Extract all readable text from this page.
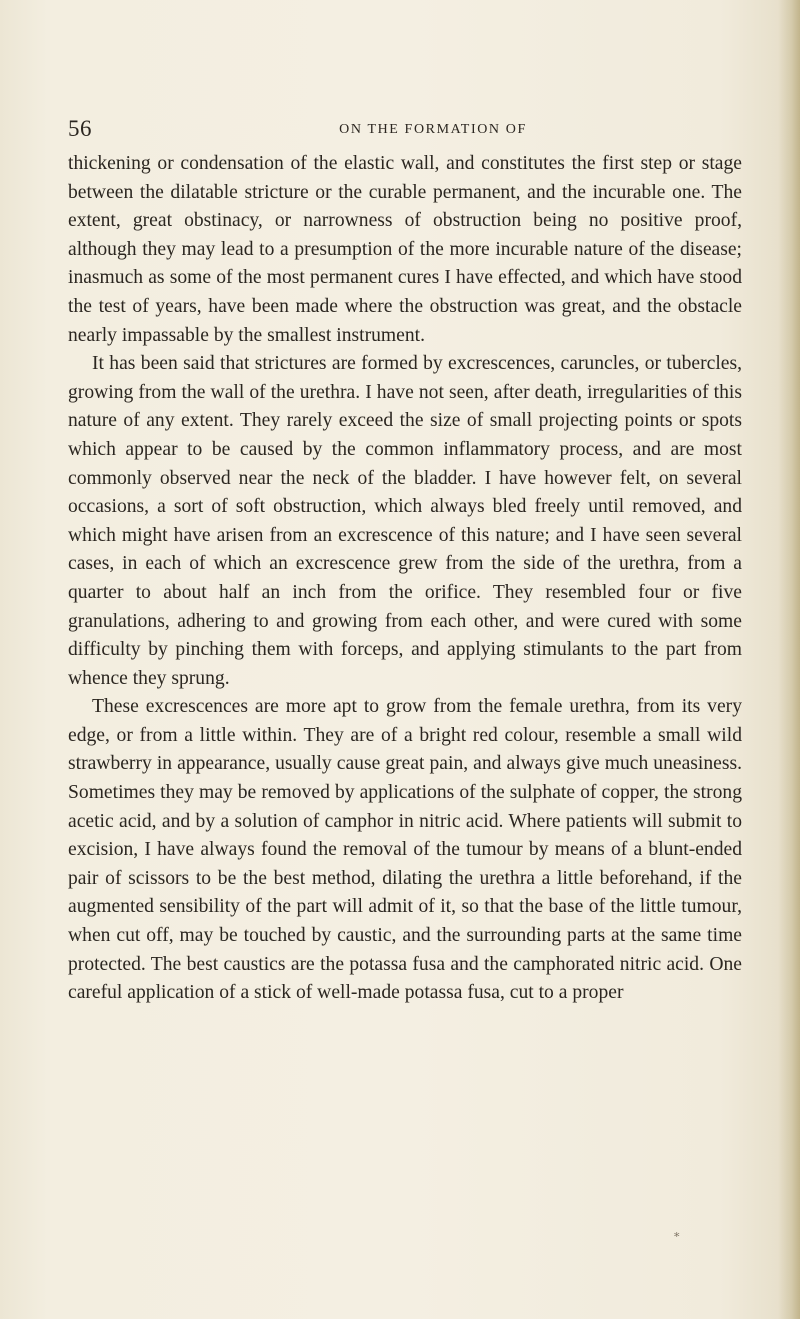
56	ON THE FORMATION OF

thickening or condensation of the elastic wall, and constitutes the first step or stage between the dilatable stricture or the curable permanent, and the incurable one. The extent, great obstinacy, or narrowness of obstruction being no positive proof, although they may lead to a presumption of the more incurable nature of the disease; inasmuch as some of the most permanent cures I have effected, and which have stood the test of years, have been made where the obstruction was great, and the obstacle nearly impassable by the smallest instrument.

It has been said that strictures are formed by excrescences, caruncles, or tubercles, growing from the wall of the urethra. I have not seen, after death, irregularities of this nature of any extent. They rarely exceed the size of small projecting points or spots which appear to be caused by the common inflammatory process, and are most commonly observed near the neck of the bladder. I have however felt, on several occasions, a sort of soft obstruction, which always bled freely until removed, and which might have arisen from an excrescence of this nature; and I have seen several cases, in each of which an excrescence grew from the side of the urethra, from a quarter to about half an inch from the orifice. They resembled four or five granulations, adhering to and growing from each other, and were cured with some difficulty by pinching them with forceps, and applying stimulants to the part from whence they sprung.

These excrescences are more apt to grow from the female urethra, from its very edge, or from a little within. They are of a bright red colour, resemble a small wild strawberry in appearance, usually cause great pain, and always give much uneasiness. Sometimes they may be removed by applications of the sulphate of copper, the strong acetic acid, and by a solution of camphor in nitric acid. Where patients will submit to excision, I have always found the removal of the tumour by means of a blunt-ended pair of scissors to be the best method, dilating the urethra a little beforehand, if the augmented sensibility of the part will admit of it, so that the base of the little tumour, when cut off, may be touched by caustic, and the surrounding parts at the same time protected. The best caustics are the potassa fusa and the camphorated nitric acid. One careful application of a stick of well-made potassa fusa, cut to a proper

∗
